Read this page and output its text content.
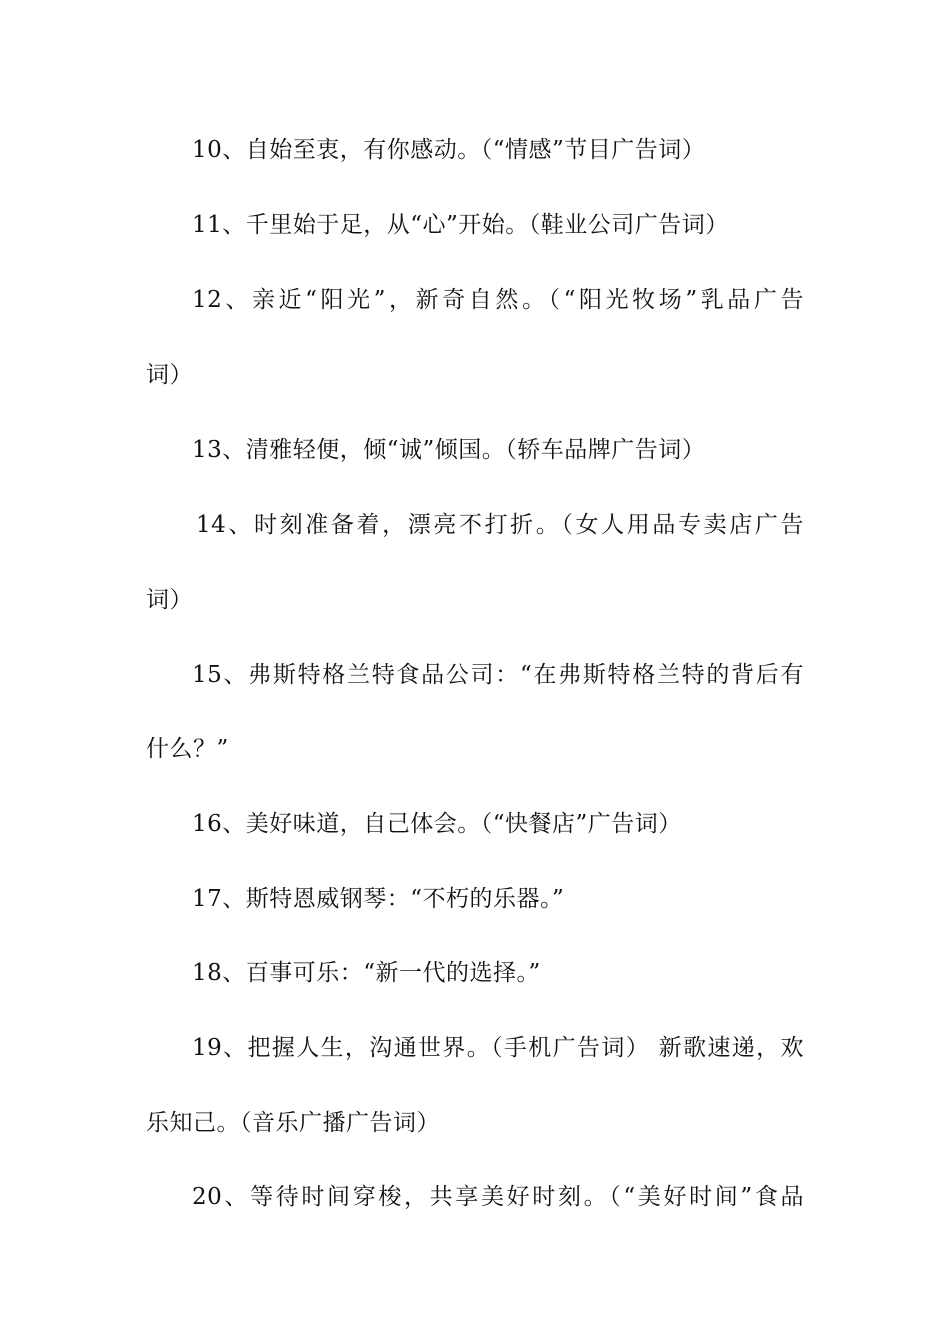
10、自始至衷，有你感动。（“情感”节目广告词）
11、千里始于足，从“心”开始。（鞋业公司广告词）
12、亲近“阳光”，新奇自然。（“阳光牧场”乳品广告
词）
13、清雅轻便，倾“诚”倾国。（轿车品牌广告词）
14、时刻准备着，漂亮不打折。（女人用品专卖店广告
词）
15、弗斯特格兰特食品公司：“在弗斯特格兰特的背后有
什么？”
16、美好味道，自己体会。（“快餐店”广告词）
17、斯特恩威钢琴：“不朽的乐器。”
18、百事可乐：“新一代的选择。”
19、把握人生，沟通世界。（手机广告词） 新歌速递，欢
乐知己。（音乐广播广告词）
20、等待时间穿梭，共享美好时刻。（“美好时间”食品
